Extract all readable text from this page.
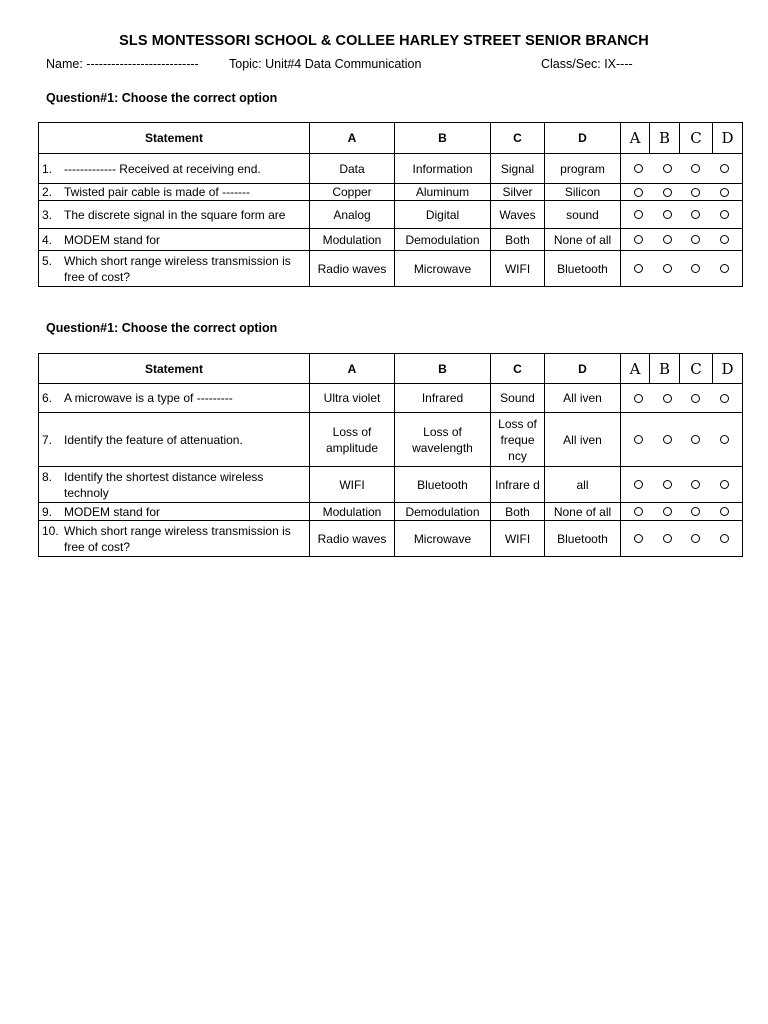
SLS MONTESSORI SCHOOL & COLLEE HARLEY STREET SENIOR BRANCH
Name: --------------------------- Topic: Unit#4 Data Communication	Class/Sec: IX----
Question#1: Choose the correct option
Statement	A	B	C	D	A	B	C	D

1. ------------- Received at receiving end.	Data	Information	Signal	program				

2. Twisted pair cable is made of -------	Copper	Aluminum	Silver	Silicon				

3. The discrete signal in the square form are	Analog	Digital	Waves	sound				

4. MODEM stand for	Modulation	Demodulation	Both	None of all				

5. Which short range wireless transmission is free of cost?	Radio waves	Microwave	WIFI	Bluetooth				
Question#1: Choose the correct option
Statement	A	B	C	D	A	B	C	D

6. A microwave is a type of ---------	Ultra violet	Infrared	Sound	All iven				

7. Identify the feature of attenuation.	Loss of amplitude	Loss of wavelength	Loss of freque ncy	All iven				

8. Identify the shortest distance wireless technoly	WIFI	Bluetooth	Infrare d	all				

9. MODEM stand for	Modulation	Demodulation	Both	None of all				

10. Which short range wireless transmission is free of cost?	Radio waves	Microwave	WIFI	Bluetooth				
